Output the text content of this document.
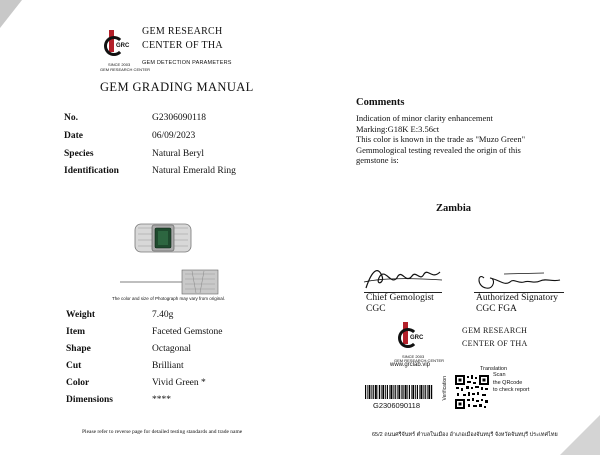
GRC
SINCE 2003
GEM RESEARCH CENTER
GEM RESEARCH
CENTER OF THA
GEM DETECTION PARAMETERS
GEM GRADING MANUAL
No.	G2306090118
Date	06/09/2023
Species	Natural Beryl
Identification	Natural Emerald Ring
The color and size of Photograph may vary from original.
Weight	7.40g
Item	Faceted Gemstone
Shape	Octagonal
Cut	Brilliant
Color	Vivid Green *
Dimensions	****
Please refer to reverse page for detailed testing standards and trade name
Comments
Indication of minor clarity enhancement
Marking:G18K E:3.56ct
This color is known in the trade as "Muzo Green"
Gemmological testing revealed the origin of this
gemstone is:
Zambia
Chief Gemologist
CGC
Authorized Signatory
CGC FGA
GRC
SINCE 2003
GEM RESEARCH CENTER
www.grclab.vip
GEM RESEARCH
CENTER OF THA
G2306090118
Verification
Translation
Scan
the QRcode
to check report
65/2 ถนนศรีจันทร์ ตำบลในเมือง อำเภอเมืองจันทบุรี จังหวัดจันทบุรี ประเทศไทย
